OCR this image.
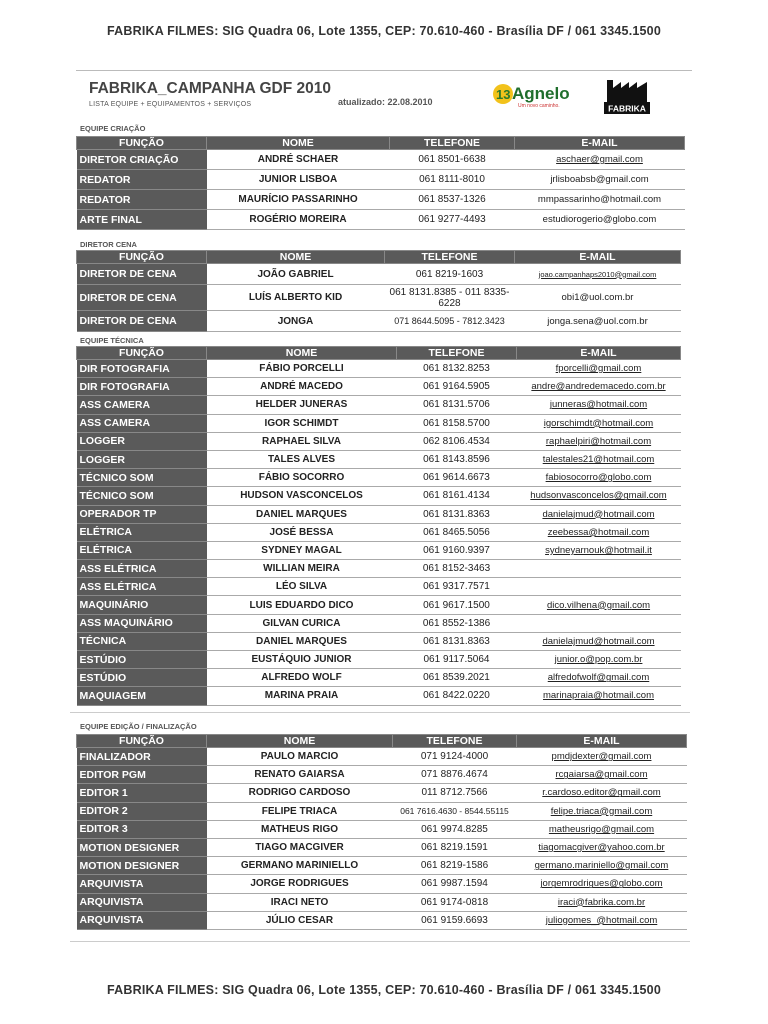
FABRIKA FILMES: SIG Quadra 06, Lote 1355, CEP: 70.610-460 - Brasília DF / 061 3345.1500
FABRIKA_CAMPANHA GDF 2010
LISTA EQUIPE + EQUIPAMENTOS + SERVIÇOS	atualizado: 22.08.2010	13 Agnelo
Um novo caminho.	FABRIKA
EQUIPE CRIAÇÃO
FUNÇÃO	NOME	TELEFONE	E-MAIL
DIRETOR CRIAÇÃO	ANDRÉ SCHAER	061 8501-6638	aschaer@gmail.com
REDATOR	JUNIOR LISBOA	061 8111-8010	jrlisboabsb@gmail.com
REDATOR	MAURÍCIO PASSARINHO	061 8537-1326	mmpassarinho@hotmail.com
ARTE FINAL	ROGÉRIO MOREIRA	061 9277-4493	estudiorogerio@globo.com
DIRETOR CENA
FUNÇÃO	NOME	TELEFONE	E-MAIL
DIRETOR DE CENA	JOÃO GABRIEL	061 8219-1603	joao.campanhaps2010@gmail.com
DIRETOR DE CENA	LUÍS ALBERTO KID	061 8131.8385 - 011 8335-6228	obi1@uol.com.br
DIRETOR DE CENA	JONGA	071 8644.5095 - 7812.3423	jonga.sena@uol.com.br
EQUIPE TÉCNICA
FUNÇÃO	NOME	TELEFONE	E-MAIL
DIR FOTOGRAFIA	FÁBIO PORCELLI	061 8132.8253	fporcelli@gmail.com
DIR FOTOGRAFIA	ANDRÉ MACEDO	061 9164.5905	andre@andredemacedo.com.br
ASS CAMERA	HELDER JUNERAS	061 8131.5706	junneras@hotmail.com
ASS CAMERA	IGOR SCHIMDT	061 8158.5700	igorschimdt@hotmail.com
LOGGER	RAPHAEL SILVA	062 8106.4534	raphaelpiri@hotmail.com
LOGGER	TALES ALVES	061 8143.8596	talestales21@hotmail.com
TÉCNICO SOM	FÁBIO SOCORRO	061 9614.6673	fabiosocorro@globo.com
TÉCNICO SOM	HUDSON VASCONCELOS	061 8161.4134	hudsonvasconcelos@gmail.com
OPERADOR TP	DANIEL MARQUES	061 8131.8363	danielajmud@hotmail.com
ELÉTRICA	JOSÉ BESSA	061 8465.5056	zeebessa@hotmail.com
ELÉTRICA	SYDNEY MAGAL	061 9160.9397	sydneyarnouk@hotmail.it
ASS ELÉTRICA	WILLIAN MEIRA	061 8152-3463	
ASS ELÉTRICA	LÉO SILVA	061 9317.7571	
MAQUINÁRIO	LUIS EDUARDO DICO	061 9617.1500	dico.vilhena@gmail.com
ASS MAQUINÁRIO	GILVAN CURICA	061 8552-1386	
TÉCNICA	DANIEL MARQUES	061 8131.8363	danielajmud@hotmail.com
ESTÚDIO	EUSTÁQUIO JUNIOR	061 9117.5064	junior.o@pop.com.br
ESTÚDIO	ALFREDO WOLF	061 8539.2021	alfredofwolf@gmail.com
MAQUIAGEM	MARINA PRAIA	061 8422.0220	marinapraia@hotmail.com
EQUIPE EDIÇÃO / FINALIZAÇÃO
FUNÇÃO	NOME	TELEFONE	E-MAIL
FINALIZADOR	PAULO MARCIO	071 9124-4000	pmdjdexter@gmail.com
EDITOR PGM	RENATO GAIARSA	071 8876.4674	rcgaiarsa@gmail.com
EDITOR 1	RODRIGO CARDOSO	011 8712.7566	r.cardoso.editor@gmail.com
EDITOR 2	FELIPE TRIACA	061 7616.4630 - 8544.55115	felipe.triaca@gmail.com
EDITOR 3	MATHEUS RIGO	061 9974.8285	matheusrigo@gmail.com
MOTION DESIGNER	TIAGO MACGIVER	061 8219.1591	tiagomacgiver@yahoo.com.br
MOTION DESIGNER	GERMANO MARINIELLO	061 8219-1586	germano.mariniello@gmail.com
ARQUIVISTA	JORGE RODRIGUES	061 9987.1594	jorgemrodrigues@globo.com
ARQUIVISTA	IRACI NETO	061 9174-0818	iraci@fabrika.com.br
ARQUIVISTA	JÚLIO CESAR	061 9159.6693	juliogomes_@hotmail.com
FABRIKA FILMES: SIG Quadra 06, Lote 1355, CEP: 70.610-460 - Brasília DF / 061 3345.1500
